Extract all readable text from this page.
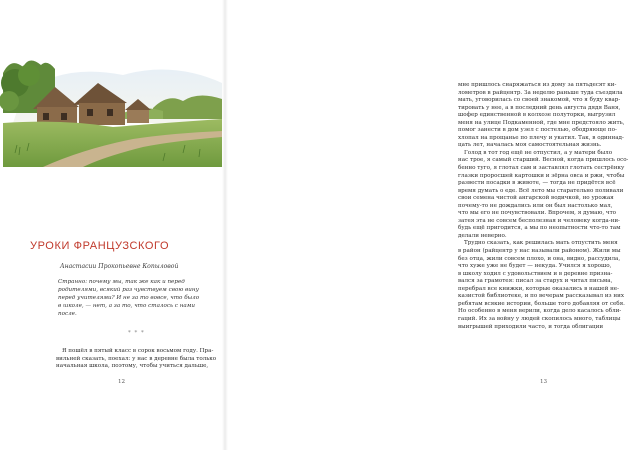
УРОКИ ФРАНЦУЗСКОГО
Анастасии Прокопьевне Копыловой
Странно: почему мы, так же как и перед
родителями, всякий раз чувствуем свою вину
перед учителями? И не за то вовсе, что было
в школе, — нет, а за то, что сталось с нами
после.
* * *
Я пошёл в пятый класс в сорок восьмом году. Пра-
вильней сказать, поехал: у нас в деревне была только
начальная школа, поэтому, чтобы учиться дальше,
12
мне пришлось снаряжаться из дому за пятьдесят ки-
лометров в райцентр. За неделю раньше туда съездила
мать, уговорилась со своей знакомой, что я буду квар-
тировать у нее, а в последний день августа дядя Ваня,
шофер единственной в колхозе полуторки, выгрузил
меня на улице Подкаменной, где мне предстояло жить,
помог занести в дом узел с постелью, ободряюще по-
хлопал на прощанье по плечу и укатил. Так, в одиннад-
цать лет, началась моя самостоятельная жизнь.
Голод в тот год ещё не отпустил, а у матери было
нас трое, я самый старший. Весной, когда пришлось осо-
бенно туго, я глотал сам и заставлял глотать сестрёнку
глазки проросшей картошки и зёрна овса и ржи, чтобы
развести посадки в животе, — тогда не придётся всё
время думать о еде. Всё лето мы старательно поливали
свои семена чистой ангарской водичкой, но урожая
почему-то не дождались или он был настолько мал,
что мы его не почувствовали. Впрочем, я думаю, что
затея эта не совсем бесполезная и человеку когда-ни-
будь ещё пригодится, а мы по неопытности что-то там
делали неверно.
Трудно сказать, как решилась мать отпустить меня
в район (райцентр у нас называли районом). Жили мы
без отца, жили совсем плохо, и она, видно, рассудила,
что хуже уже не будет — некуда. Учился я хорошо,
в школу ходил с удовольствием и в деревне призна-
вался за грамотея: писал за старух и читал письма,
перебрал все книжки, которые оказались в нашей не-
казистой библиотеке, и по вечерам рассказывал из них
ребятам всякие истории, больше того добавляя от себя.
Но особенно в меня верили, когда дело касалось обли-
гаций. Их за войну у людей скопилось много, таблицы
выигрышей приходили часто, и тогда облигации
13
